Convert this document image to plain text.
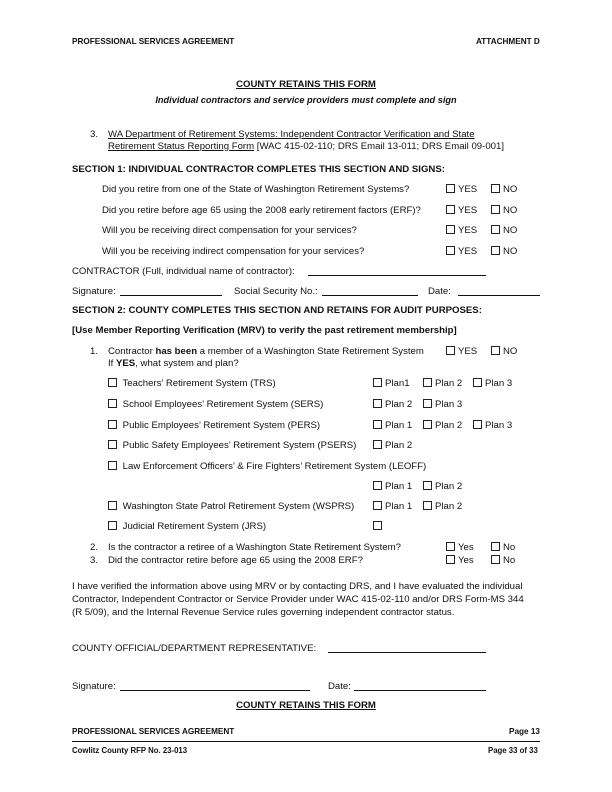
PROFESSIONAL SERVICES AGREEMENT	ATTACHMENT D
COUNTY RETAINS THIS FORM
Individual contractors and service providers must complete and sign
3. WA Department of Retirement Systems: Independent Contractor Verification and State
Retirement Status Reporting Form [WAC 415-02-110; DRS Email 13-011; DRS Email 09-001]
SECTION 1: INDIVIDUAL CONTRACTOR COMPLETES THIS SECTION AND SIGNS:
Did you retire from one of the State of Washington Retirement Systems?	YES	NO
Did you retire before age 65 using the 2008 early retirement factors (ERF)?	YES	NO
Will you be receiving direct compensation for your services?	YES	NO
Will you be receiving indirect compensation for your services?	YES	NO
CONTRACTOR (Full, individual name of contractor):
Signature:	Social Security No.:	Date:
SECTION 2: COUNTY COMPLETES THIS SECTION AND RETAINS FOR AUDIT PURPOSES:
[Use Member Reporting Verification (MRV) to verify the past retirement membership]
1. Contractor has been a member of a Washington State Retirement System	YES	NO
If YES, what system and plan?
Teachers’ Retirement System (TRS)	Plan1	Plan 2	Plan 3
School Employees’ Retirement System (SERS)	Plan 2	Plan 3
Public Employees’ Retirement System (PERS)	Plan 1	Plan 2	Plan 3
Public Safety Employees’ Retirement System (PSERS)	Plan 2
Law Enforcement Officers’ & Fire Fighters’ Retirement System (LEOFF)
Plan 1	Plan 2
Washington State Patrol Retirement System (WSPRS)	Plan 1	Plan 2
Judicial Retirement System (JRS)
2. Is the contractor a retiree of a Washington State Retirement System?	Yes	No
3. Did the contractor retire before age 65 using the 2008 ERF?	Yes	No
I have verified the information above using MRV or by contacting DRS, and I have evaluated the individual
Contractor, Independent Contractor or Service Provider under WAC 415-02-110 and/or DRS Form-MS 344
(R 5/09), and the Internal Revenue Service rules governing independent contractor status.
COUNTY OFFICIAL/DEPARTMENT REPRESENTATIVE:
Signature:	Date:
COUNTY RETAINS THIS FORM
PROFESSIONAL SERVICES AGREEMENT	Page 13
Cowlitz County RFP No. 23-013	Page 33 of 33
